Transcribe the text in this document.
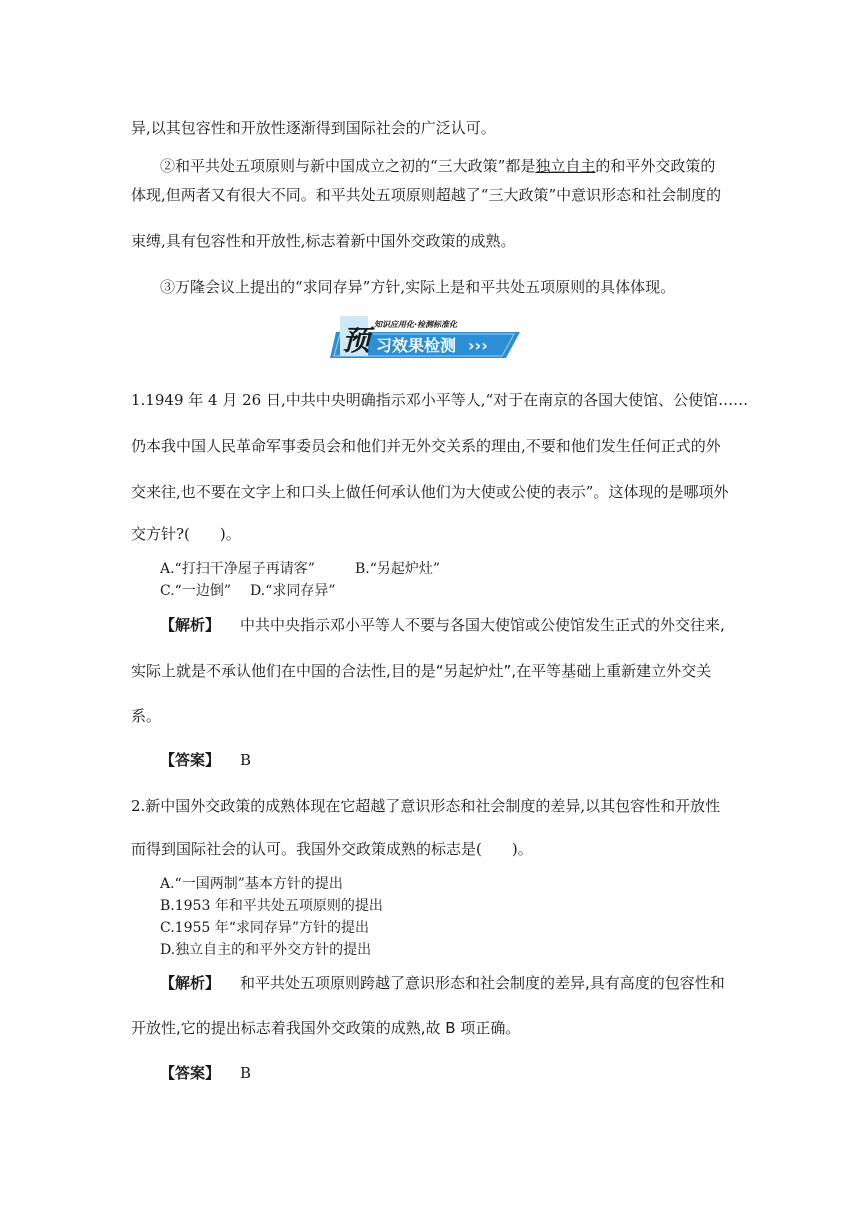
异,以其包容性和开放性逐渐得到国际社会的广泛认可。
②和平共处五项原则与新中国成立之初的“三大政策”都是独立自主的和平外交政策的
体现,但两者又有很大不同。和平共处五项原则超越了“三大政策”中意识形态和社会制度的
束缚,具有包容性和开放性,标志着新中国外交政策的成熟。
③万隆会议上提出的“求同存异”方针,实际上是和平共处五项原则的具体体现。
预 知识应用化·检测标准化
习效果检测 ›››
1.1949 年 4 月 26 日,中共中央明确指示邓小平等人,“对于在南京的各国大使馆、公使馆……
仍本我中国人民革命军事委员会和他们并无外交关系的理由,不要和他们发生任何正式的外
交来往,也不要在文字上和口头上做任何承认他们为大使或公使的表示”。这体现的是哪项外
交方针?(　　)。
A.“打扫干净屋子再请客”	B.“另起炉灶”
C.“一边倒” D.“求同存异”
【解析】 中共中央指示邓小平等人不要与各国大使馆或公使馆发生正式的外交往来,
实际上就是不承认他们在中国的合法性,目的是“另起炉灶”,在平等基础上重新建立外交关
系。
【答案】 B
2.新中国外交政策的成熟体现在它超越了意识形态和社会制度的差异,以其包容性和开放性
而得到国际社会的认可。我国外交政策成熟的标志是(　　)。
A.“一国两制”基本方针的提出
B.1953 年和平共处五项原则的提出
C.1955 年“求同存异”方针的提出
D.独立自主的和平外交方针的提出
【解析】 和平共处五项原则跨越了意识形态和社会制度的差异,具有高度的包容性和
开放性,它的提出标志着我国外交政策的成熟,故 B 项正确。
【答案】 B
